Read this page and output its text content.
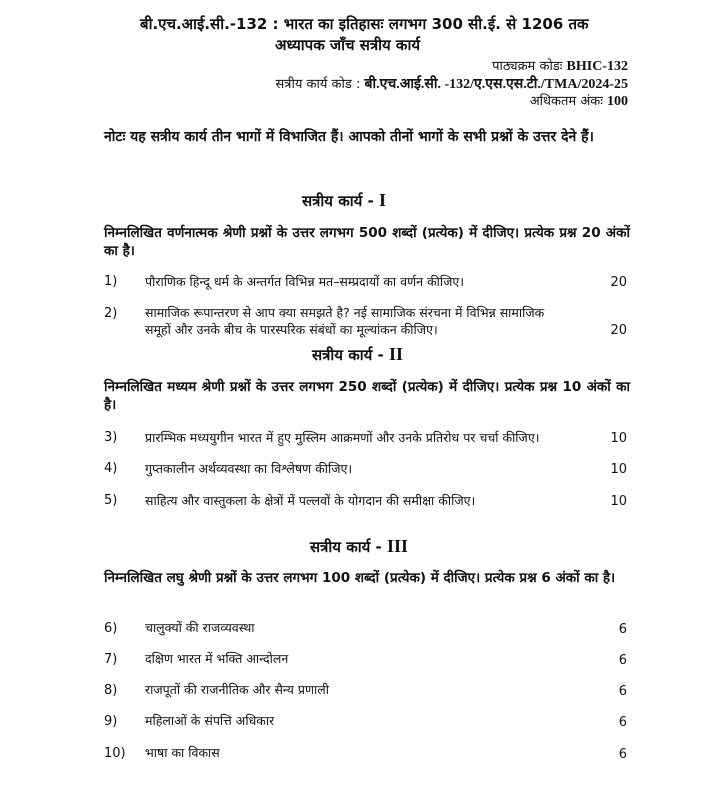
बी.एच.आई.सी.-132 : भारत का इतिहासः लगभग 300 सी.ई. से 1206 तक
अध्यापक जाँच सत्रीय कार्य
पाठ्यक्रम कोडः BHIC-132
सत्रीय कार्य कोड : बी.एच.आई.सी. -132/ए.एस.एस.टी./TMA/2024-25
अधिकतम अंकः 100
नोटः यह सत्रीय कार्य तीन भागों में विभाजित हैं। आपको तीनों भागों के सभी प्रश्नों के उत्तर देने हैं।
सत्रीय कार्य - I
निम्नलिखित वर्णनात्मक श्रेणी प्रश्नों के उत्तर लगभग 500 शब्दों (प्रत्येक) में दीजिए। प्रत्येक प्रश्न 20 अंकों का है।
1) पौराणिक हिन्दू धर्म के अन्तर्गत विभिन्न मत–सम्प्रदायों का वर्णन कीजिए।	20
2) सामाजिक रूपान्तरण से आप क्या समझते है? नई सामाजिक संरचना में विभिन्न सामाजिक
समूहों और उनके बीच के पारस्परिक संबंधों का मूल्यांकन कीजिए।	20
सत्रीय कार्य - II
निम्नलिखित मध्यम श्रेणी प्रश्नों के उत्तर लगभग 250 शब्दों (प्रत्येक) में दीजिए। प्रत्येक प्रश्न 10 अंकों का है।
3) प्रारम्भिक मध्ययुगीन भारत में हुए मुस्लिम आक्रमणों और उनके प्रतिरोध पर चर्चा कीजिए।	10
4) गुप्तकालीन अर्थव्यवस्था का विश्लेषण कीजिए।	10
5) साहित्य और वास्तुकला के क्षेत्रों में पल्लवों के योगदान की समीक्षा कीजिए।	10
सत्रीय कार्य - III
निम्नलिखित लघु श्रेणी प्रश्नों के उत्तर लगभग 100 शब्दों (प्रत्येक) में दीजिए। प्रत्येक प्रश्न 6 अंकों का है।
6) चालुक्यों की राजव्यवस्था	6
7) दक्षिण भारत में भक्ति आन्दोलन	6
8) राजपूतों की राजनीतिक और सैन्य प्रणाली	6
9) महिलाओं के संपत्ति अधिकार	6
10) भाषा का विकास	6
